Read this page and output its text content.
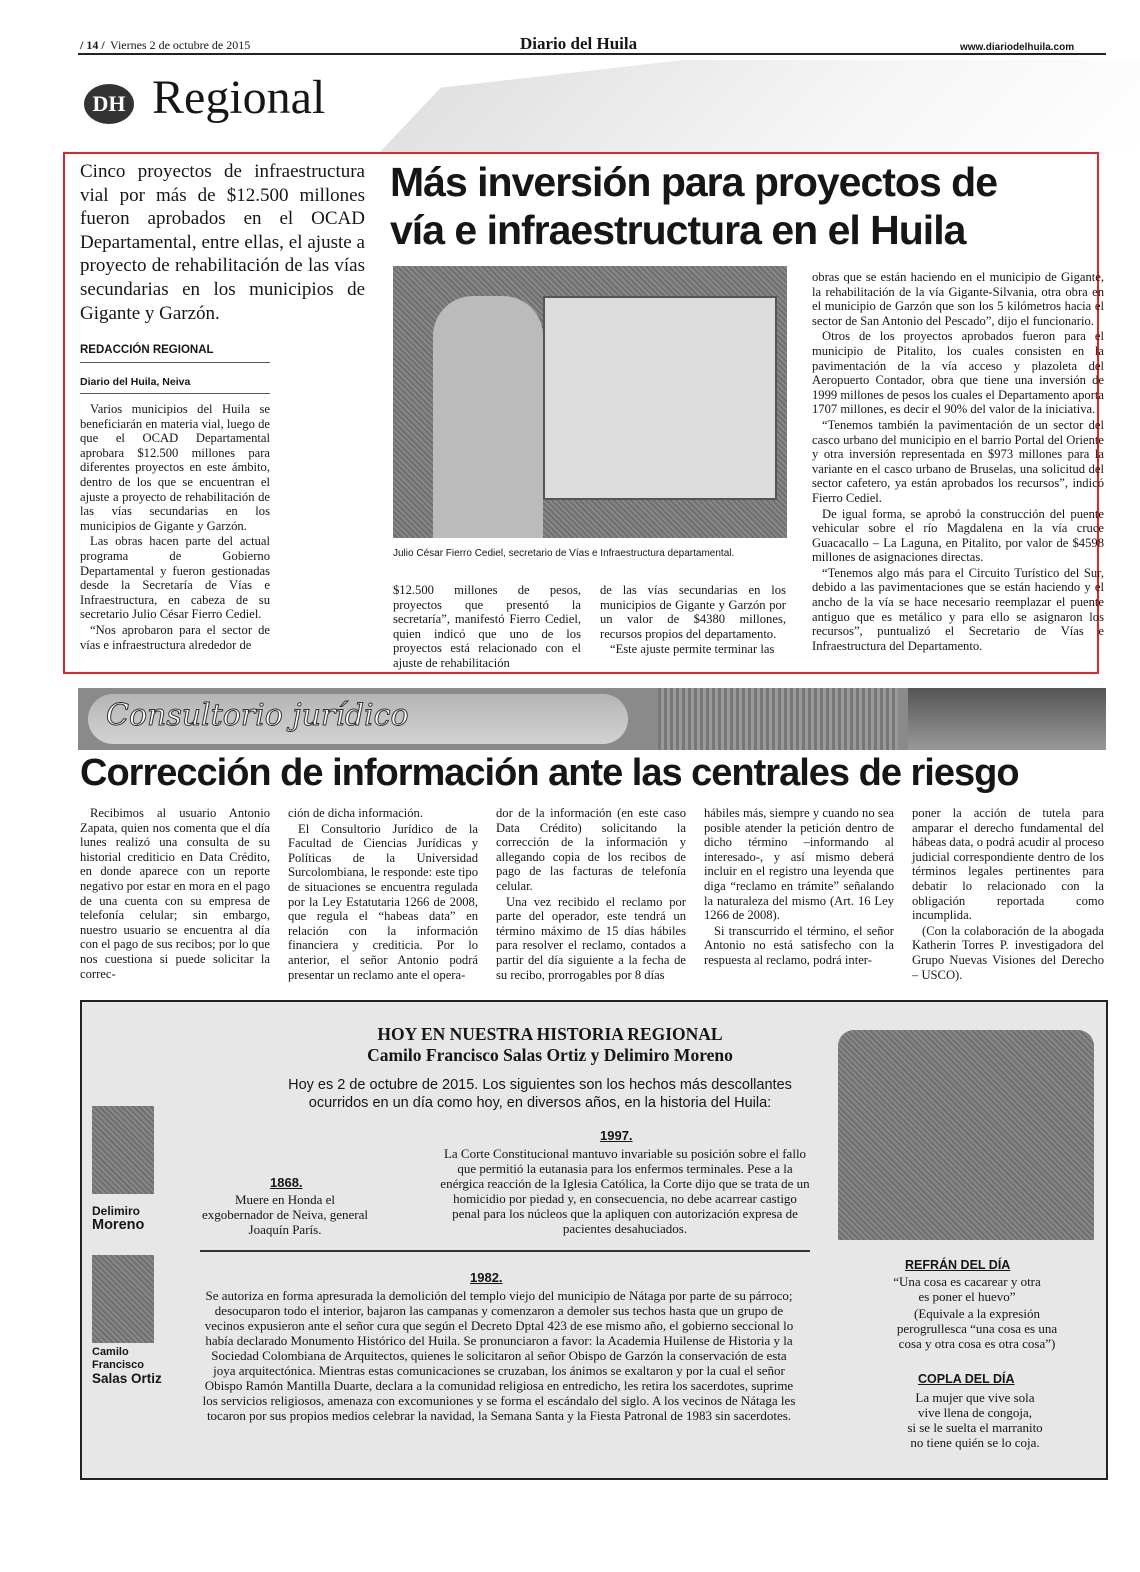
/ 14 / Viernes 2 de octubre de 2015	Diario del Huila	www.diariodelhuila.com
DH Regional
Cinco proyectos de infraestructura vial por más de $12.500 millones fueron aprobados en el OCAD Departamental, entre ellas, el ajuste a proyecto de rehabilitación de las vías secundarias en los municipios de Gigante y Garzón.
REDACCIÓN REGIONAL
Diario del Huila, Neiva

Varios municipios del Huila se beneficiarán en materia vial, luego de que el OCAD Departamental aprobara $12.500 millones para diferentes proyectos en este ámbito, dentro de los que se encuentran el ajuste a proyecto de rehabilitación de las vías secundarias en los municipios de Gigante y Garzón.

Las obras hacen parte del actual programa de Gobierno Departamental y fueron gestionadas desde la Secretaría de Vías e Infraestructura, en cabeza de su secretario Julio César Fierro Cediel.

“Nos aprobaron para el sector de vías e infraestructura alrededor de

Más inversión para proyectos de
vía e infraestructura en el Huila
Julio César Fierro Cediel, secretario de Vías e Infraestructura departamental.

$12.500 millones de pesos, proyectos que presentó la secretaría”, manifestó Fierro Cediel, quien indicó que uno de los proyectos está relacionado con el ajuste de rehabilitación

de las vías secundarias en los municipios de Gigante y Garzón por un valor de $4380 millones, recursos propios del departamento.

“Este ajuste permite terminar las

obras que se están haciendo en el municipio de Gigante, la rehabilitación de la vía Gigante-Silvania, otra obra en el municipio de Garzón que son los 5 kilómetros hacia el sector de San Antonio del Pescado”, dijo el funcionario.

Otros de los proyectos aprobados fueron para el municipio de Pitalito, los cuales consisten en la pavimentación de la vía acceso y plazoleta del Aeropuerto Contador, obra que tiene una inversión de 1999 millones de pesos los cuales el Departamento aporta 1707 millones, es decir el 90% del valor de la iniciativa.

“Tenemos también la pavimentación de un sector del casco urbano del municipio en el barrio Portal del Oriente y otra inversión representada en $973 millones para la variante en el casco urbano de Bruselas, una solicitud del sector cafetero, ya están aprobados los recursos”, indicó Fierro Cediel.

De igual forma, se aprobó la construcción del puente vehicular sobre el río Magdalena en la vía cruce Guacacallo – La Laguna, en Pitalito, por valor de $4598 millones de asignaciones directas.

“Tenemos algo más para el Circuito Turístico del Sur, debido a las pavimentaciones que se están haciendo y el ancho de la vía se hace necesario reemplazar el puente antiguo que es metálico y para ello se asignaron los recursos”, puntualizó el Secretario de Vías e Infraestructura del Departamento.

Consultorio jurídico
Corrección de información ante las centrales de riesgo

Recibimos al usuario Antonio Zapata, quien nos comenta que el día lunes realizó una consulta de su historial crediticio en Data Crédito, en donde aparece con un reporte negativo por estar en mora en el pago de una cuenta con su empresa de telefonía celular; sin embargo, nuestro usuario se encuentra al día con el pago de sus recibos; por lo que nos cuestiona si puede solicitar la correc-

ción de dicha información.

El Consultorio Jurídico de la Facultad de Ciencias Jurídicas y Políticas de la Universidad Surcolombiana, le responde: este tipo de situaciones se encuentra regulada por la Ley Estatutaria 1266 de 2008, que regula el “habeas data” en relación con la información financiera y crediticia. Por lo anterior, el señor Antonio podrá presentar un reclamo ante el opera-

dor de la información (en este caso Data Crédito) solicitando la corrección de la información y allegando copia de los recibos de pago de las facturas de telefonía celular.

Una vez recibido el reclamo por parte del operador, este tendrá un término máximo de 15 días hábiles para resolver el reclamo, contados a partir del día siguiente a la fecha de su recibo, prorrogables por 8 días

hábiles más, siempre y cuando no sea posible atender la petición dentro de dicho término –informando al interesado-, y así mismo deberá incluir en el registro una leyenda que diga “reclamo en trámite” señalando la naturaleza del mismo (Art. 16 Ley 1266 de 2008).

Si transcurrido el término, el señor Antonio no está satisfecho con la respuesta al reclamo, podrá inter-

poner la acción de tutela para amparar el derecho fundamental del hábeas data, o podrá acudir al proceso judicial correspondiente dentro de los términos legales pertinentes para debatir lo relacionado con la obligación reportada como incumplida.

(Con la colaboración de la abogada Katherin Torres P. investigadora del Grupo Nuevas Visiones del Derecho – USCO).

HOY EN NUESTRA HISTORIA REGIONAL
Camilo Francisco Salas Ortiz y Delimiro Moreno
Hoy es 2 de octubre de 2015. Los siguientes son los hechos más descollantes ocurridos en un día como hoy, en diversos años, en la historia del Huila:
Delimiro
Moreno
Camilo Francisco
Salas Ortiz
1868.
Muere en Honda el exgobernador de Neiva, general Joaquín París.
1997.
La Corte Constitucional mantuvo invariable su posición sobre el fallo que permitió la eutanasia para los enfermos terminales. Pese a la enérgica reacción de la Iglesia Católica, la Corte dijo que se trata de un homicidio por piedad y, en consecuencia, no debe acarrear castigo penal para los núcleos que la apliquen con autorización expresa de pacientes desahuciados.
1982.
Se autoriza en forma apresurada la demolición del templo viejo del municipio de Nátaga por parte de su párroco; desocuparon todo el interior, bajaron las campanas y comenzaron a demoler sus techos hasta que un grupo de vecinos expusieron ante el señor cura que según el Decreto Dptal 423 de ese mismo año, el gobierno seccional lo había declarado Monumento Histórico del Huila. Se pronunciaron a favor: la Academia Huilense de Historia y la Sociedad Colombiana de Arquitectos, quienes le solicitaron al señor Obispo de Garzón la conservación de esta joya arquitectónica. Mientras estas comunicaciones se cruzaban, los ánimos se exaltaron y por la cual el señor Obispo Ramón Mantilla Duarte, declara a la comunidad religiosa en entredicho, les retira los sacerdotes, suprime los servicios religiosos, amenaza con excomuniones y se forma el escándalo del siglo. A los vecinos de Nátaga les tocaron por sus propios medios celebrar la navidad, la Semana Santa y la Fiesta Patronal de 1983 sin sacerdotes.
REFRÁN DEL DÍA
“Una cosa es cacarear y otra es poner el huevo”
(Equivale a la expresión perogrullesca “una cosa es una cosa y otra cosa es otra cosa”)
COPLA DEL DÍA
La mujer que vive sola
vive llena de congoja,
si se le suelta el marranito
no tiene quién se lo coja.
